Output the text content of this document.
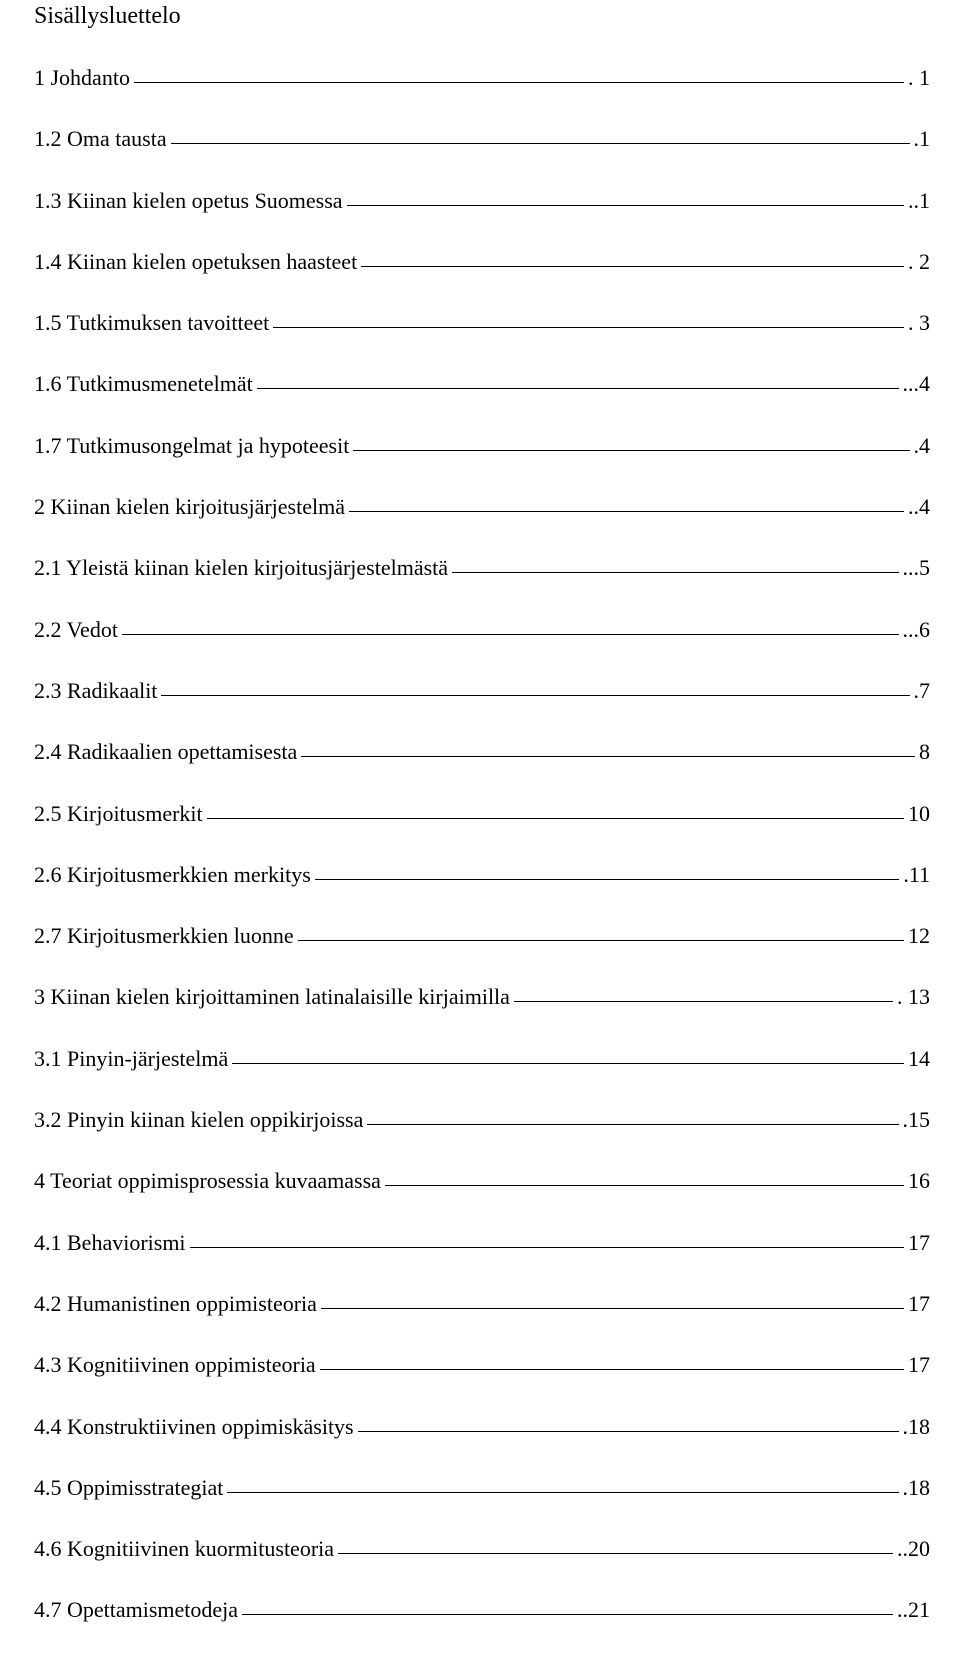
Sisällysluettelo
1 Johdanto	. 1
1.2 Oma tausta	.1
1.3 Kiinan kielen opetus Suomessa	..1
1.4 Kiinan kielen opetuksen haasteet	. 2
1.5 Tutkimuksen tavoitteet	. 3
1.6 Tutkimusmenetelmät	...4
1.7 Tutkimusongelmat ja hypoteesit	.4
2 Kiinan kielen kirjoitusjärjestelmä	..4
2.1 Yleistä kiinan kielen kirjoitusjärjestelmästä	...5
2.2 Vedot	...6
2.3 Radikaalit	.7
2.4 Radikaalien opettamisesta	8
2.5 Kirjoitusmerkit	10
2.6 Kirjoitusmerkkien merkitys	.11
2.7 Kirjoitusmerkkien luonne	12
3 Kiinan kielen kirjoittaminen latinalaisille kirjaimilla	. 13
3.1 Pinyin-järjestelmä	14
3.2 Pinyin kiinan kielen oppikirjoissa	.15
4 Teoriat oppimisprosessia kuvaamassa	16
4.1 Behaviorismi	17
4.2 Humanistinen oppimisteoria	17
4.3 Kognitiivinen oppimisteoria	17
4.4 Konstruktiivinen oppimiskäsitys	.18
4.5 Oppimisstrategiat	.18
4.6 Kognitiivinen kuormitusteoria	..20
4.7 Opettamismetodeja	..21
